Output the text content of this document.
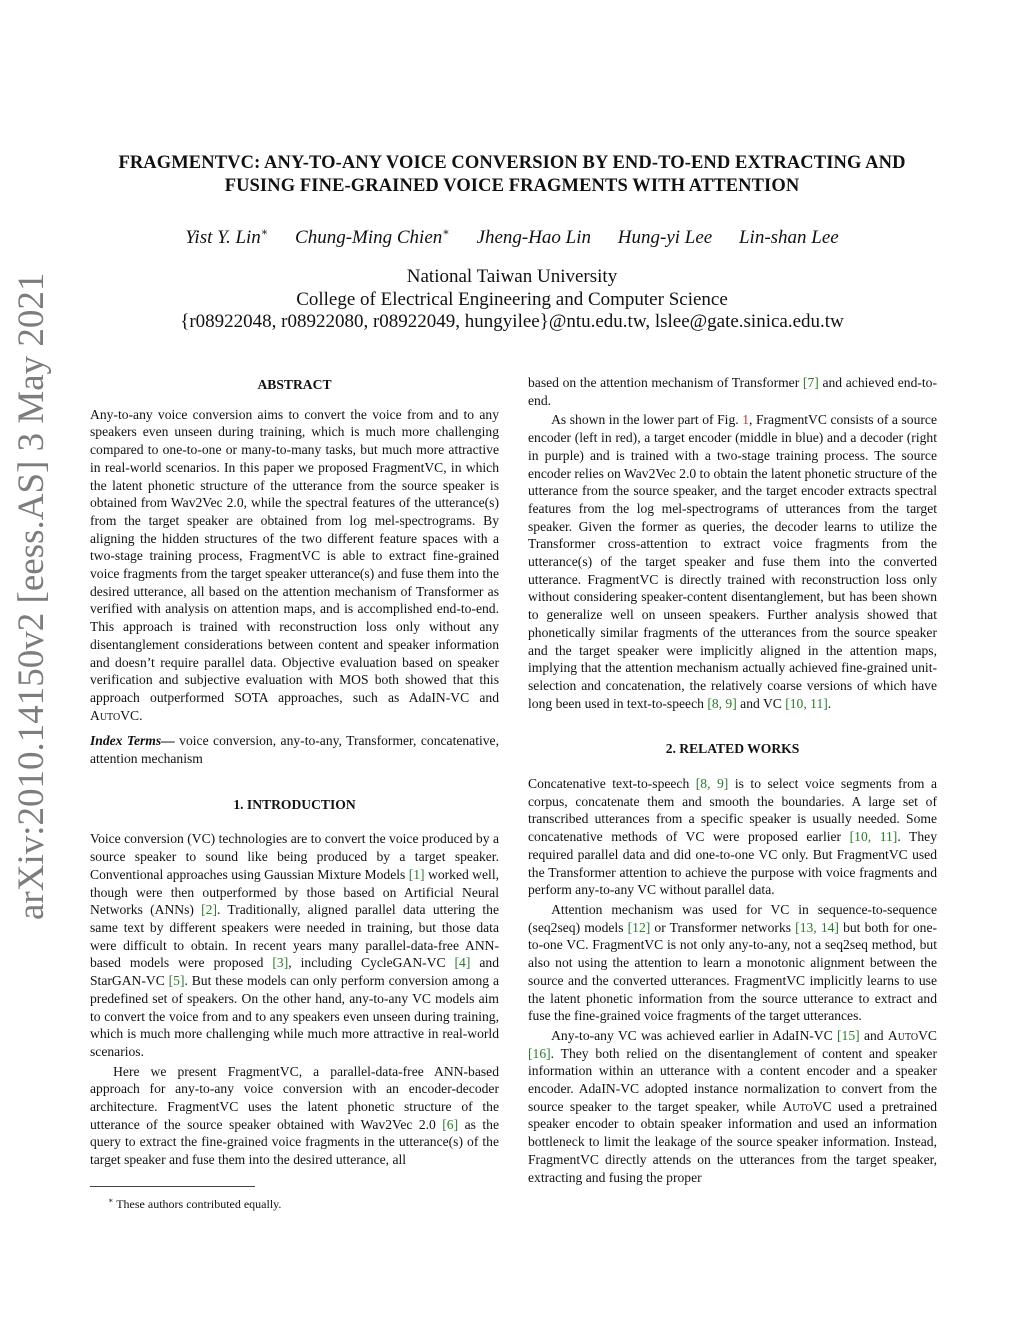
arXiv:2010.14150v2 [eess.AS] 3 May 2021
FRAGMENTVC: ANY-TO-ANY VOICE CONVERSION BY END-TO-END EXTRACTING AND
FUSING FINE-GRAINED VOICE FRAGMENTS WITH ATTENTION
Yist Y. Lin∗ Chung-Ming Chien∗ Jheng-Hao Lin Hung-yi Lee Lin-shan Lee
National Taiwan University
College of Electrical Engineering and Computer Science
{r08922048, r08922080, r08922049, hungyilee}@ntu.edu.tw, lslee@gate.sinica.edu.tw

ABSTRACT

Any-to-any voice conversion aims to convert the voice from and to any speakers even unseen during training, which is much more challenging compared to one-to-one or many-to-many tasks, but much more attractive in real-world scenarios. In this paper we proposed FragmentVC, in which the latent phonetic structure of the utterance from the source speaker is obtained from Wav2Vec 2.0, while the spectral features of the utterance(s) from the target speaker are obtained from log mel-spectrograms. By aligning the hidden structures of the two different feature spaces with a two-stage training process, FragmentVC is able to extract fine-grained voice fragments from the target speaker utterance(s) and fuse them into the desired utterance, all based on the attention mechanism of Transformer as verified with analysis on attention maps, and is accomplished end-to-end. This approach is trained with reconstruction loss only without any disentanglement considerations between content and speaker information and doesn’t require parallel data. Objective evaluation based on speaker verification and subjective evaluation with MOS both showed that this approach outperformed SOTA approaches, such as AdaIN-VC and AutoVC.

Index Terms— voice conversion, any-to-any, Transformer, concatenative, attention mechanism

1. INTRODUCTION

Voice conversion (VC) technologies are to convert the voice produced by a source speaker to sound like being produced by a target speaker. Conventional approaches using Gaussian Mixture Models [1] worked well, though were then outperformed by those based on Artificial Neural Networks (ANNs) [2]. Traditionally, aligned parallel data uttering the same text by different speakers were needed in training, but those data were difficult to obtain. In recent years many parallel-data-free ANN-based models were proposed [3], including CycleGAN-VC [4] and StarGAN-VC [5]. But these models can only perform conversion among a predefined set of speakers. On the other hand, any-to-any VC models aim to convert the voice from and to any speakers even unseen during training, which is much more challenging while much more attractive in real-world scenarios.

Here we present FragmentVC, a parallel-data-free ANN-based approach for any-to-any voice conversion with an encoder-decoder architecture. FragmentVC uses the latent phonetic structure of the utterance of the source speaker obtained with Wav2Vec 2.0 [6] as the query to extract the fine-grained voice fragments in the utterance(s) of the target speaker and fuse them into the desired utterance, all

based on the attention mechanism of Transformer [7] and achieved end-to-end.

As shown in the lower part of Fig. 1, FragmentVC consists of a source encoder (left in red), a target encoder (middle in blue) and a decoder (right in purple) and is trained with a two-stage training process. The source encoder relies on Wav2Vec 2.0 to obtain the latent phonetic structure of the utterance from the source speaker, and the target encoder extracts spectral features from the log mel-spectrograms of utterances from the target speaker. Given the former as queries, the decoder learns to utilize the Transformer cross-attention to extract voice fragments from the utterance(s) of the target speaker and fuse them into the converted utterance. FragmentVC is directly trained with reconstruction loss only without considering speaker-content disentanglement, but has been shown to generalize well on unseen speakers. Further analysis showed that phonetically similar fragments of the utterances from the source speaker and the target speaker were implicitly aligned in the attention maps, implying that the attention mechanism actually achieved fine-grained unit-selection and concatenation, the relatively coarse versions of which have long been used in text-to-speech [8, 9] and VC [10, 11].

2. RELATED WORKS

Concatenative text-to-speech [8, 9] is to select voice segments from a corpus, concatenate them and smooth the boundaries. A large set of transcribed utterances from a specific speaker is usually needed. Some concatenative methods of VC were proposed earlier [10, 11]. They required parallel data and did one-to-one VC only. But FragmentVC used the Transformer attention to achieve the purpose with voice fragments and perform any-to-any VC without parallel data.

Attention mechanism was used for VC in sequence-to-sequence (seq2seq) models [12] or Transformer networks [13, 14] but both for one-to-one VC. FragmentVC is not only any-to-any, not a seq2seq method, but also not using the attention to learn a monotonic alignment between the source and the converted utterances. FragmentVC implicitly learns to use the latent phonetic information from the source utterance to extract and fuse the fine-grained voice fragments of the target utterances.

Any-to-any VC was achieved earlier in AdaIN-VC [15] and AutoVC [16]. They both relied on the disentanglement of content and speaker information within an utterance with a content encoder and a speaker encoder. AdaIN-VC adopted instance normalization to convert from the source speaker to the target speaker, while AutoVC used a pretrained speaker encoder to obtain speaker information and used an information bottleneck to limit the leakage of the source speaker information. Instead, FragmentVC directly attends on the utterances from the target speaker, extracting and fusing the proper

∗ These authors contributed equally.
